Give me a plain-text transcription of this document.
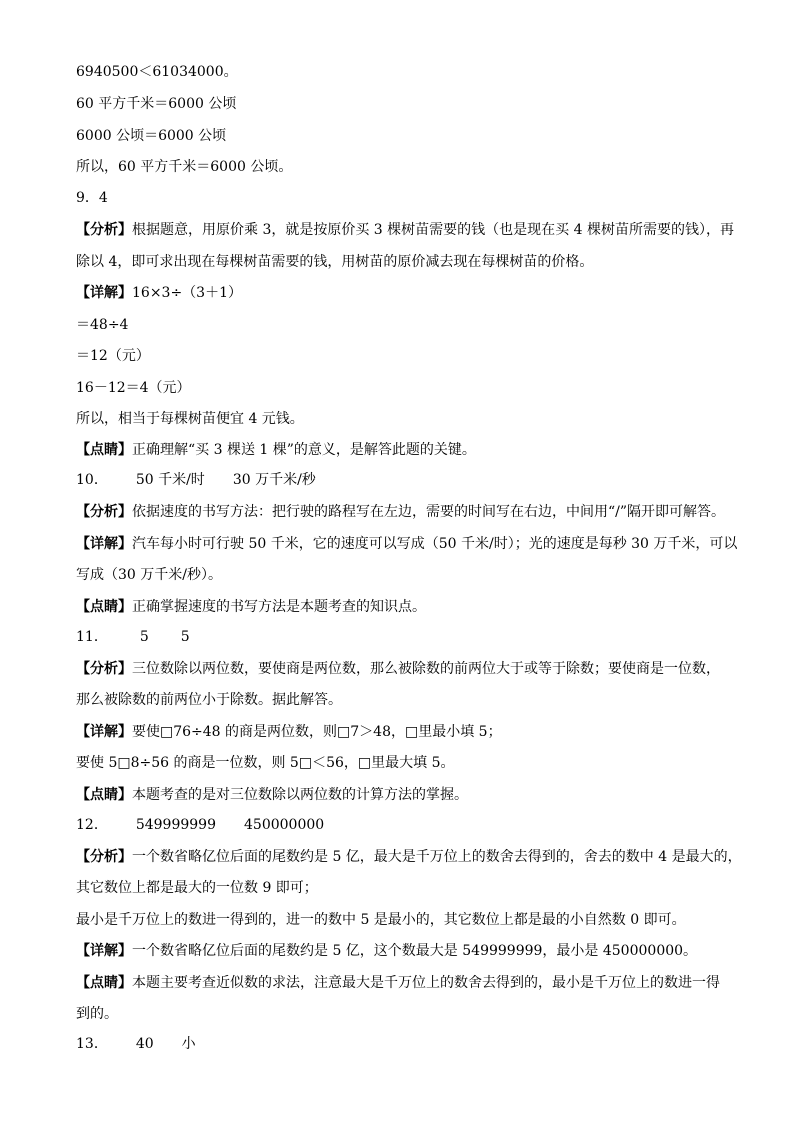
6940500＜61034000。
60 平方千米＝6000 公顷
6000 公顷＝6000 公顷
所以，60 平方千米＝6000 公顷。
9．4
【分析】根据题意，用原价乘 3，就是按原价买 3 棵树苗需要的钱（也是现在买 4 棵树苗所需要的钱），再
除以 4，即可求出现在每棵树苗需要的钱，用树苗的原价减去现在每棵树苗的价格。
【详解】16×3÷（3＋1）
＝48÷4
＝12（元）
16－12＝4（元）
所以，相当于每棵树苗便宜 4 元钱。
【点睛】正确理解“买 3 棵送 1 棵”的意义，是解答此题的关键。
10． 50 千米/时 30 万千米/秒
【分析】依据速度的书写方法：把行驶的路程写在左边，需要的时间写在右边，中间用“/”隔开即可解答。
【详解】汽车每小时可行驶 50 千米，它的速度可以写成（50 千米/时）；光的速度是每秒 30 万千米，可以
写成（30 万千米/秒）。
【点睛】正确掌握速度的书写方法是本题考查的知识点。
11． 5 5
【分析】三位数除以两位数，要使商是两位数，那么被除数的前两位大于或等于除数；要使商是一位数，
那么被除数的前两位小于除数。据此解答。
【详解】要使□76÷48 的商是两位数，则□7＞48，□里最小填 5；
要使 5□8÷56 的商是一位数，则 5□＜56，□里最大填 5。
【点睛】本题考查的是对三位数除以两位数的计算方法的掌握。
12． 549999999 450000000
【分析】一个数省略亿位后面的尾数约是 5 亿，最大是千万位上的数舍去得到的，舍去的数中 4 是最大的，
其它数位上都是最大的一位数 9 即可；
最小是千万位上的数进一得到的，进一的数中 5 是最小的，其它数位上都是最的小自然数 0 即可。
【详解】一个数省略亿位后面的尾数约是 5 亿，这个数最大是 549999999，最小是 450000000。
【点睛】本题主要考查近似数的求法，注意最大是千万位上的数舍去得到的，最小是千万位上的数进一得
到的。
13． 40 小
